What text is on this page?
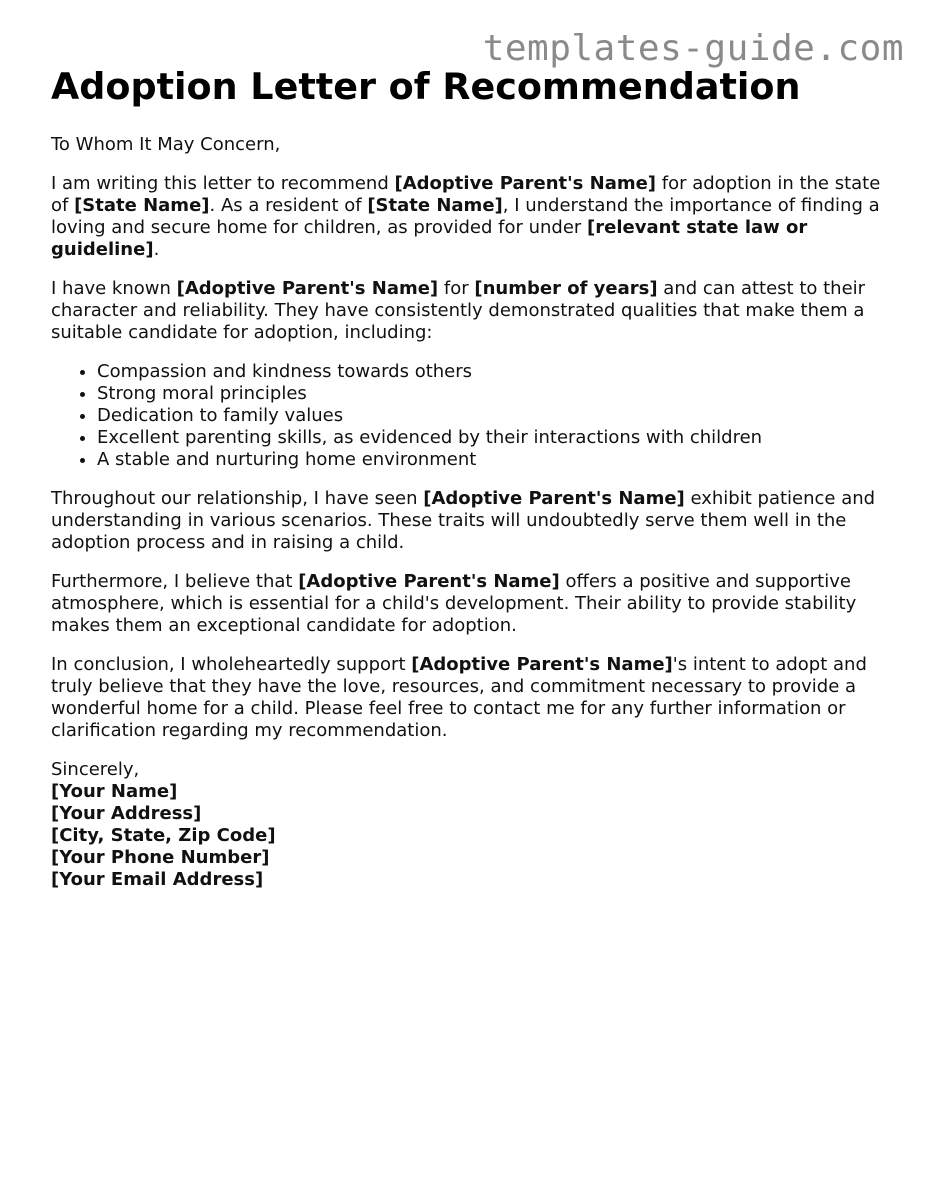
templates-guide.com
Adoption Letter of Recommendation

To Whom It May Concern,

I am writing this letter to recommend [Adoptive Parent's Name] for adoption in the state of [State Name]. As a resident of [State Name], I understand the importance of finding a loving and secure home for children, as provided for under [relevant state law or guideline].

I have known [Adoptive Parent's Name] for [number of years] and can attest to their character and reliability. They have consistently demonstrated qualities that make them a suitable candidate for adoption, including:

• Compassion and kindness towards others
• Strong moral principles
• Dedication to family values
• Excellent parenting skills, as evidenced by their interactions with children
• A stable and nurturing home environment

Throughout our relationship, I have seen [Adoptive Parent's Name] exhibit patience and understanding in various scenarios. These traits will undoubtedly serve them well in the adoption process and in raising a child.

Furthermore, I believe that [Adoptive Parent's Name] offers a positive and supportive atmosphere, which is essential for a child's development. Their ability to provide stability makes them an exceptional candidate for adoption.

In conclusion, I wholeheartedly support [Adoptive Parent's Name]'s intent to adopt and truly believe that they have the love, resources, and commitment necessary to provide a wonderful home for a child. Please feel free to contact me for any further information or clarification regarding my recommendation.

Sincerely,

[Your Name]
[Your Address]
[City, State, Zip Code]
[Your Phone Number]
[Your Email Address]
